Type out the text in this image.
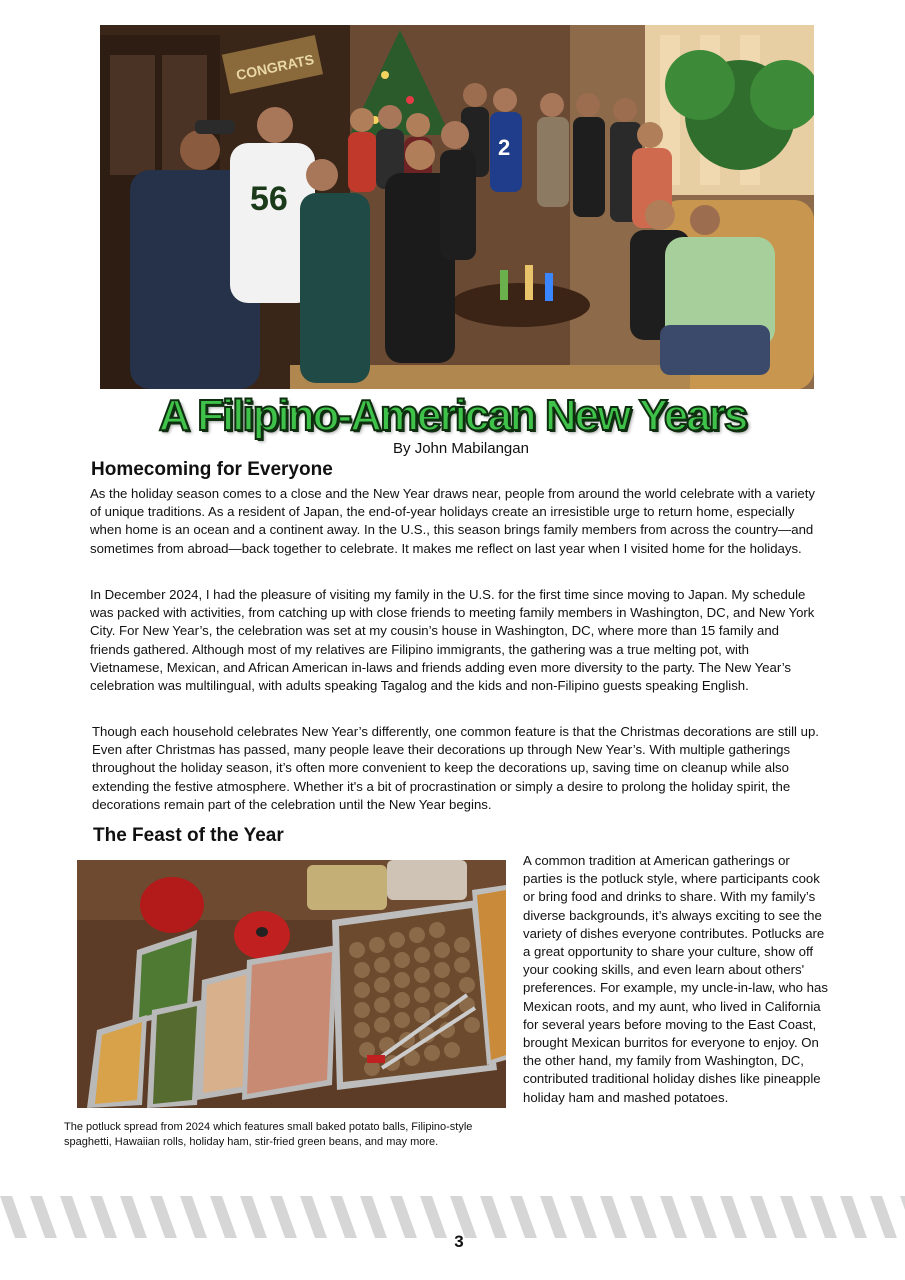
CONGRATS
2
56
A Filipino-American New Years
By John Mabilangan
Homecoming for Everyone

As the holiday season comes to a close and the New Year draws near, people from around the world celebrate with a variety of unique traditions. As a resident of Japan, the end-of-year holidays create an irresistible urge to return home, especially when home is an ocean and a continent away. In the U.S., this season brings family members from across the country—and sometimes from abroad—back together to celebrate. It makes me reflect on last year when I visited home for the holidays.

In December 2024, I had the pleasure of visiting my family in the U.S. for the first time since moving to Japan. My schedule was packed with activities, from catching up with close friends to meeting family members in Washington, DC, and New York City. For New Year’s, the celebration was set at my cousin’s house in Washington, DC, where more than 15 family and friends gathered. Although most of my relatives are Filipino immigrants, the gathering was a true melting pot, with Vietnamese, Mexican, and African American in-laws and friends adding even more diversity to the party. The New Year’s celebration was multilingual, with adults speaking Tagalog and the kids and non-Filipino guests speaking English.

Though each household celebrates New Year’s differently, one common feature is that the Christmas decorations are still up. Even after Christmas has passed, many people leave their decorations up through New Year’s. With multiple gatherings throughout the holiday season, it’s often more convenient to keep the decorations up, saving time on cleanup while also extending the festive atmosphere. Whether it's a bit of procrastination or simply a desire to prolong the holiday spirit, the decorations remain part of the celebration until the New Year begins.

The Feast of the Year

The potluck spread from 2024 which features small baked potato balls, Filipino-style spaghetti, Hawaiian rolls, holiday ham, stir-fried green beans, and may more.

A common tradition at American gatherings or parties is the potluck style, where participants cook or bring food and drinks to share. With my family’s diverse backgrounds, it’s always exciting to see the variety of dishes everyone contributes. Potlucks are a great opportunity to share your culture, show off your cooking skills, and even learn about others' preferences. For example, my uncle-in-law, who has Mexican roots, and my aunt, who lived in California for several years before moving to the East Coast, brought Mexican burritos for everyone to enjoy. On the other hand, my family from Washington, DC, contributed traditional holiday dishes like pineapple holiday ham and mashed potatoes.

3
